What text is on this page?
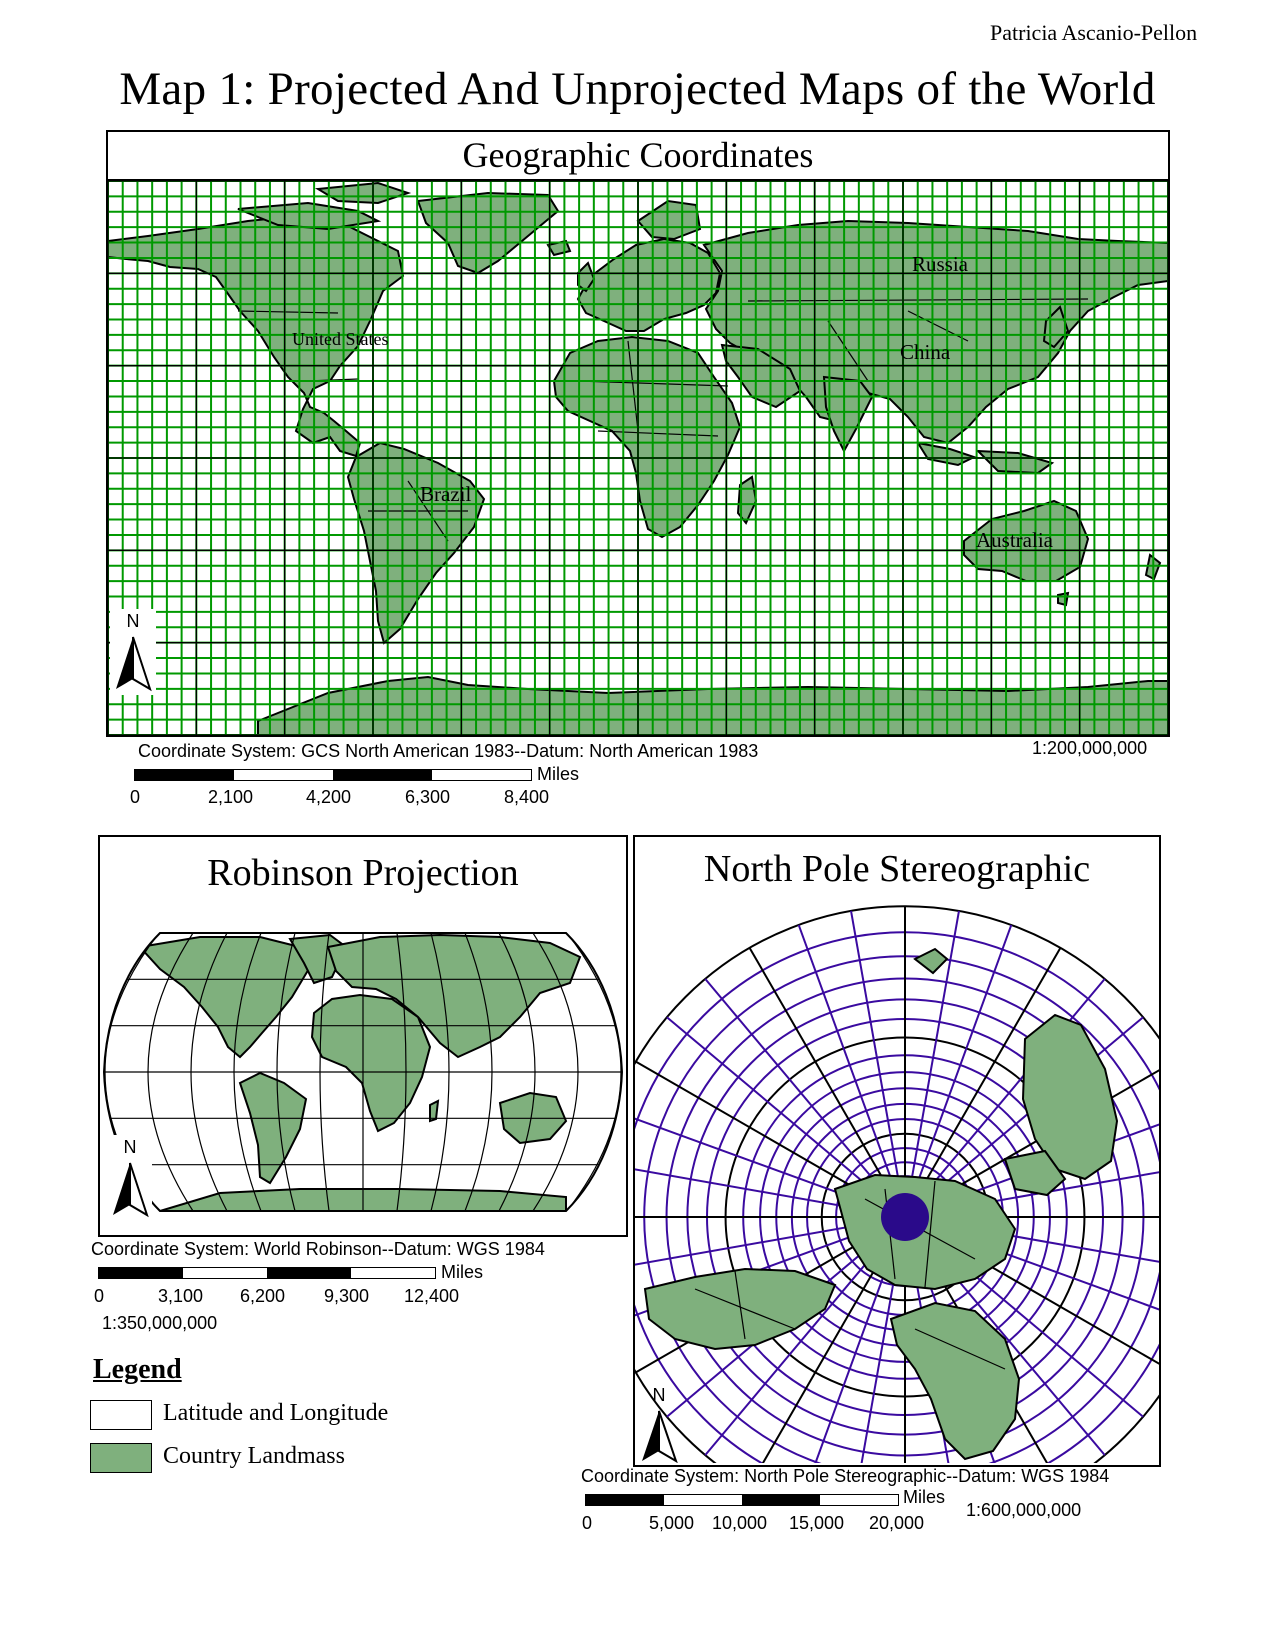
Patricia Ascanio-Pellon
Map 1: Projected And Unprojected Maps of the World
Geographic Coordinates
N
United States
Russia
China
Brazil
Australia
Coordinate System: GCS North American 1983--Datum: North American 1983	1:200,000,000
Miles
0	2,100	4,200	6,300	8,400
Robinson Projection
N
Coordinate System: World Robinson--Datum: WGS 1984
Miles
0	3,100 6,200 9,300 12,400
1:350,000,000
North Pole Stereographic
N
Coordinate System: North Pole Stereographic--Datum: WGS 1984
Miles
1:600,000,000
0	5,000 10,000 15,000 20,000
Legend
Latitude and Longitude
Country Landmass
